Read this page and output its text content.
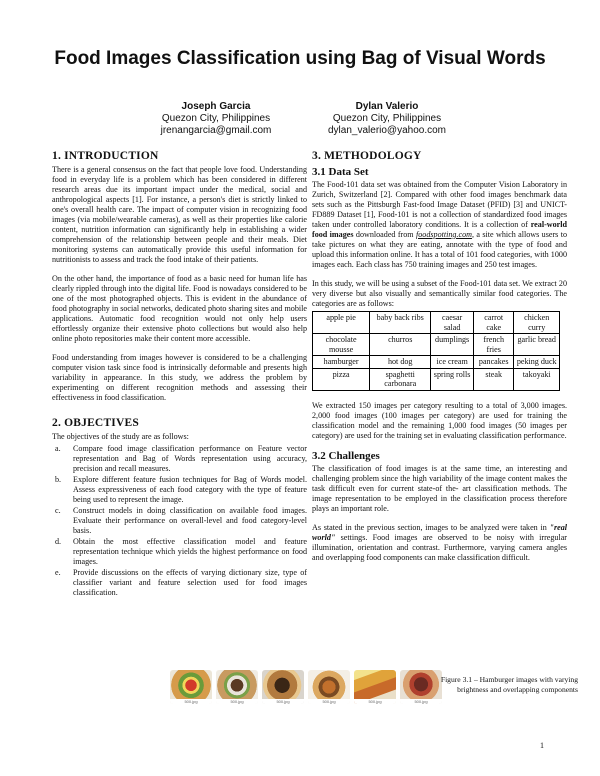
Food Images Classification using Bag of Visual Words
Joseph Garcia
Quezon City, Philippines
jrenangarcia@gmail.com
Dylan Valerio
Quezon City, Philippines
dylan_valerio@yahoo.com
1. INTRODUCTION

There is a general consensus on the fact that people love food. Understanding food in everyday life is a problem which has been considered in different research areas due its important impact under the medical, social and anthropological aspects [1]. For instance, a person's diet is strictly linked to one's overall health care. The impact of computer vision in recognizing food images (via mobile/wearable cameras), as well as their properties like calorie content, nutrition information can significantly help in establishing a wider comprehension of the relationship between people and their meals. Diet monitoring systems can automatically provide this useful information for nutritionists to assess and track the food intake of their patients.

On the other hand, the importance of food as a basic need for human life has clearly rippled through into the digital life. Food is nowadays considered to be one of the most photographed objects. This is evident in the abundance of food photography in social networks, dedicated photo sharing sites and mobile applications. Automatic food recognition would not only help users effortlessly organize their extensive photo collections but would also help online photo repositories make their content more accessible.

Food understanding from images however is considered to be a challenging computer vision task since food is intrinsically deformable and presents high variability in appearance. In this study, we address the problem by experimenting on different recognition methods and assessing their effectiveness in food classification.

2. OBJECTIVES

The objectives of the study are as follows:

a.	Compare food image classification performance on Feature vector representation and Bag of Words representation using accuracy, precision and recall measures.
b.	Explore different feature fusion techniques for Bag of Words model. Assess expressiveness of each food category with the type of feature being used to represent the image.
c.	Construct models in doing classification on available food images. Evaluate their performance on overall-level and food category-level basis.
d.	Obtain the most effective classification model and feature representation technique which yields the highest performance on food images.
e.	Provide discussions on the effects of varying dictionary size, type of classifier variant and feature selection used for food images classification.
3. METHODOLOGY
3.1 Data Set

The Food-101 data set was obtained from the Computer Vision Laboratory in Zurich, Switzerland [2]. Compared with other food images benchmark data sets such as the Pittsburgh Fast-food Image Dataset (PFID) [3] and UNICT-FD889 Dataset [1], Food-101 is not a collection of standardized food images taken under controlled laboratory conditions. It is a collection of real-world food images downloaded from foodspotting.com, a site which allows users to take pictures on what they are eating, annotate with the type of food and upload this information online. It has a total of 101 food categories, with 1000 images each. Each class has 750 training images and 250 test images.

In this study, we will be using a subset of the Food-101 data set. We extract 20 very diverse but also visually and semantically similar food categories. The categories are as follows:

apple pie	baby back ribs	caesar salad	carrot cake	chicken curry
chocolate mousse	churros	dumplings	french fries	garlic bread
hamburger	hot dog	ice cream	pancakes	peking duck
pizza	spaghetti carbonara	spring rolls	steak	takoyaki

We extracted 150 images per category resulting to a total of 3,000 images. 2,000 food images (100 images per category) are used for training the classification model and the remaining 1,000 food images (50 images per category) are used for the training set in evaluating classification performance.

3.2 Challenges

The classification of food images is at the same time, an interesting and challenging problem since the high variability of the image content makes the task difficult even for current state-of the- art classification methods. The image representation to be employed in the classification process therefore plays an important role.

As stated in the previous section, images to be analyzed were taken in "real world" settings. Food images are observed to be noisy with irregular illumination, orientation and contrast. Furthermore, varying camera angles and overlapping food components can make classification difficult.

500.jpg	500.jpg	500.jpg	500.jpg	500.jpg	500.jpg
Figure 3.1 – Hamburger images with varying brightness and overlapping components
1
